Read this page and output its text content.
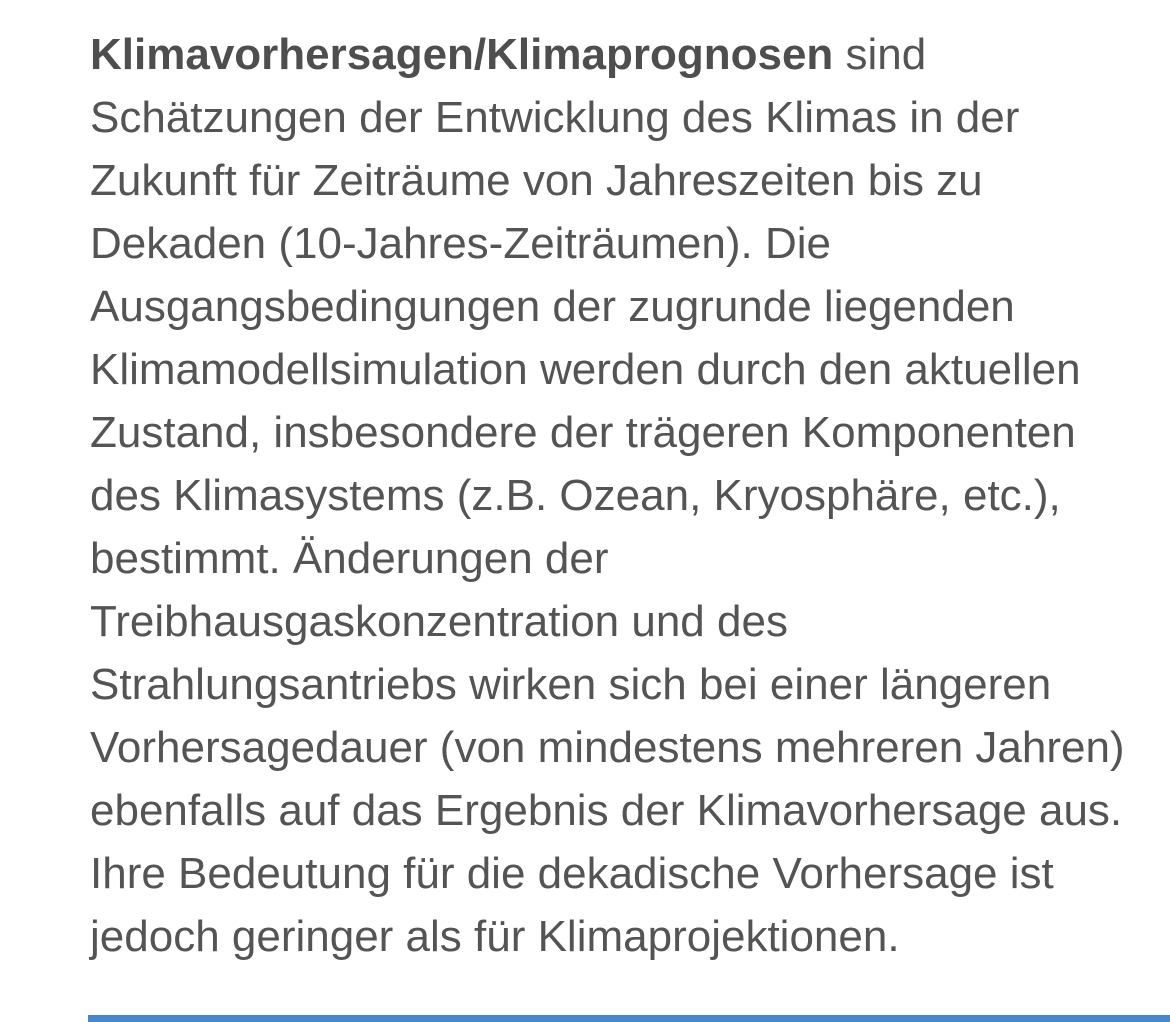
Klimavorhersagen/Klimaprognosen sind
Schätzungen der Entwicklung des Klimas in der
Zukunft für Zeiträume von Jahreszeiten bis zu
Dekaden (10-Jahres-Zeiträumen). Die
Ausgangsbedingungen der zugrunde liegenden
Klimamodellsimulation werden durch den aktuellen
Zustand, insbesondere der trägeren Komponenten
des Klimasystems (z.B. Ozean, Kryosphäre, etc.),
bestimmt. Änderungen der
Treibhausgaskonzentration und des
Strahlungsantriebs wirken sich bei einer längeren
Vorhersagedauer (von mindestens mehreren Jahren)
ebenfalls auf das Ergebnis der Klimavorhersage aus.
Ihre Bedeutung für die dekadische Vorhersage ist
jedoch geringer als für Klimaprojektionen.
